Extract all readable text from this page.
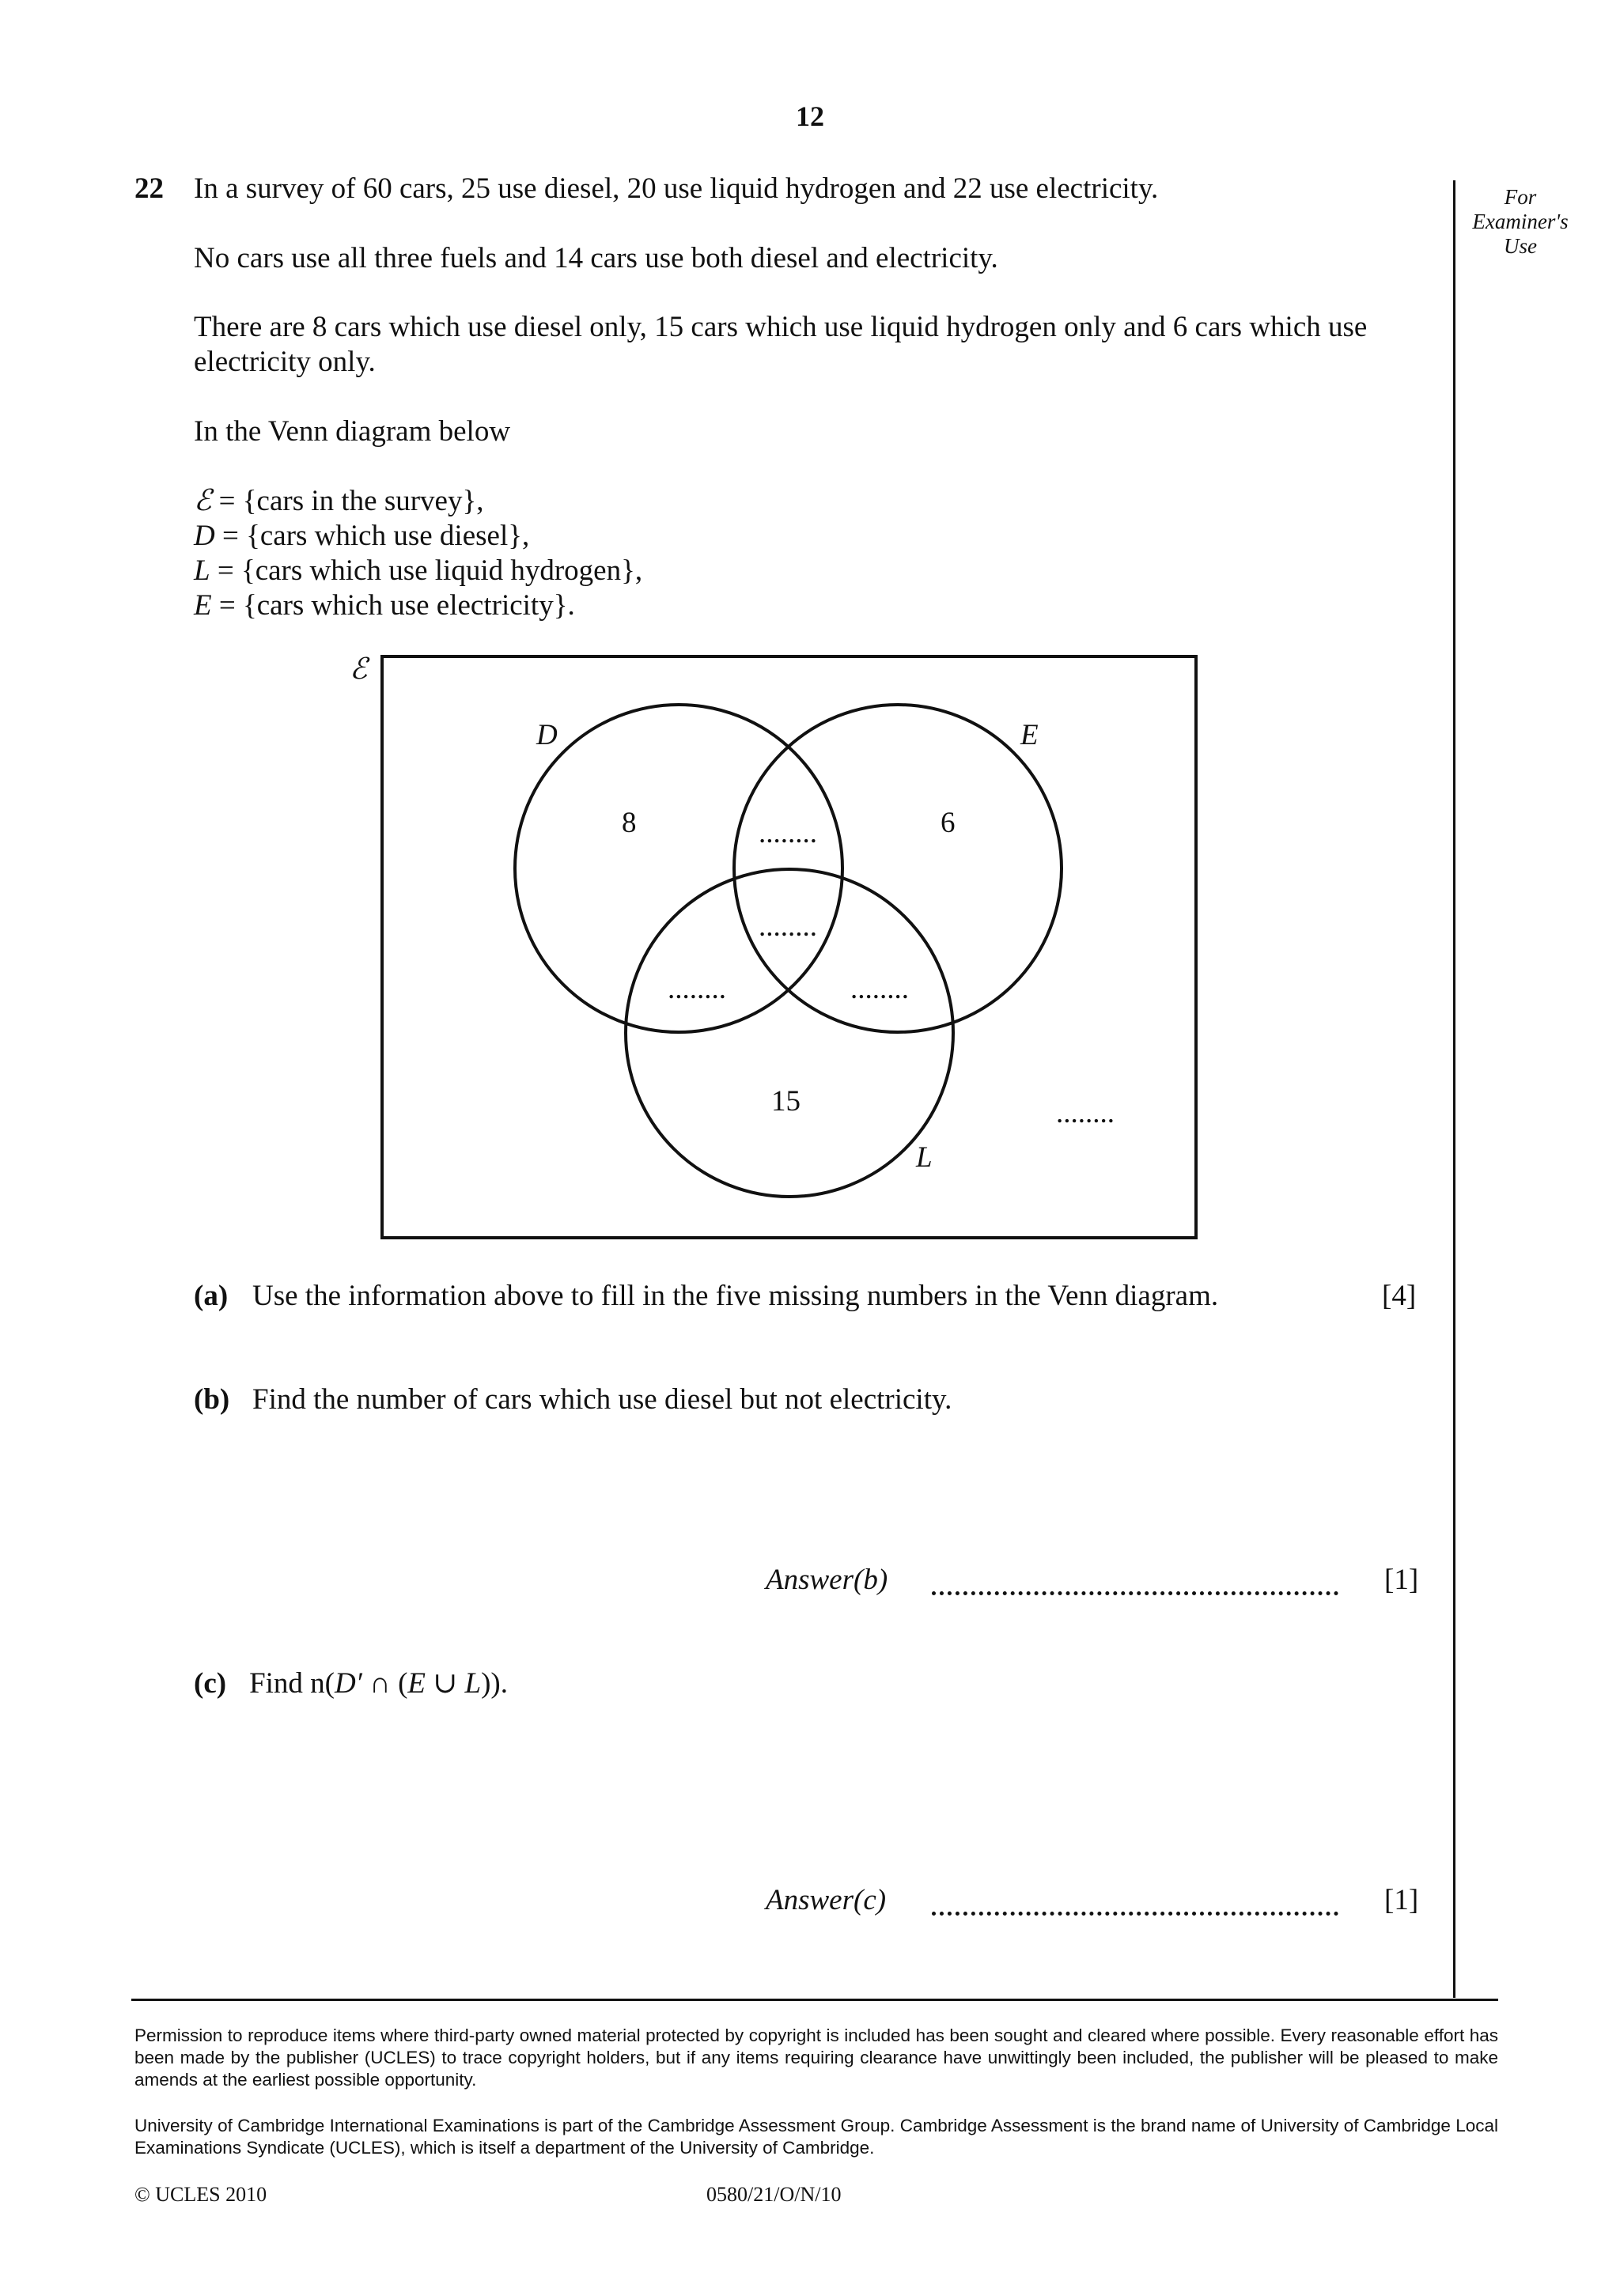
12
For
Examiner's
Use
22 In a survey of 60 cars, 25 use diesel, 20 use liquid hydrogen and 22 use electricity.
No cars use all three fuels and 14 cars use both diesel and electricity.
There are 8 cars which use diesel only, 15 cars which use liquid hydrogen only and 6 cars which use
electricity only.
In the Venn diagram below
ℰ = {cars in the survey},
D = {cars which use diesel},
L = {cars which use liquid hydrogen},
E = {cars which use electricity}.
ℰ
D	E
L
8	6
15
........
........
........	........
........
(a) Use the information above to fill in the five missing numbers in the Venn diagram.	[4]
(b) Find the number of cars which use diesel but not electricity.
Answer(b)	[1]
(c) Find n(D′ ∩ (E ∪ L)).
Answer(c)	[1]
Permission to reproduce items where third-party owned material protected by copyright is included has been sought and cleared where possible. Every reasonable effort has been made by the publisher (UCLES) to trace copyright holders, but if any items requiring clearance have unwittingly been included, the publisher will be pleased to make amends at the earliest possible opportunity.
University of Cambridge International Examinations is part of the Cambridge Assessment Group. Cambridge Assessment is the brand name of University of Cambridge Local Examinations Syndicate (UCLES), which is itself a department of the University of Cambridge.
© UCLES 2010	0580/21/O/N/10
